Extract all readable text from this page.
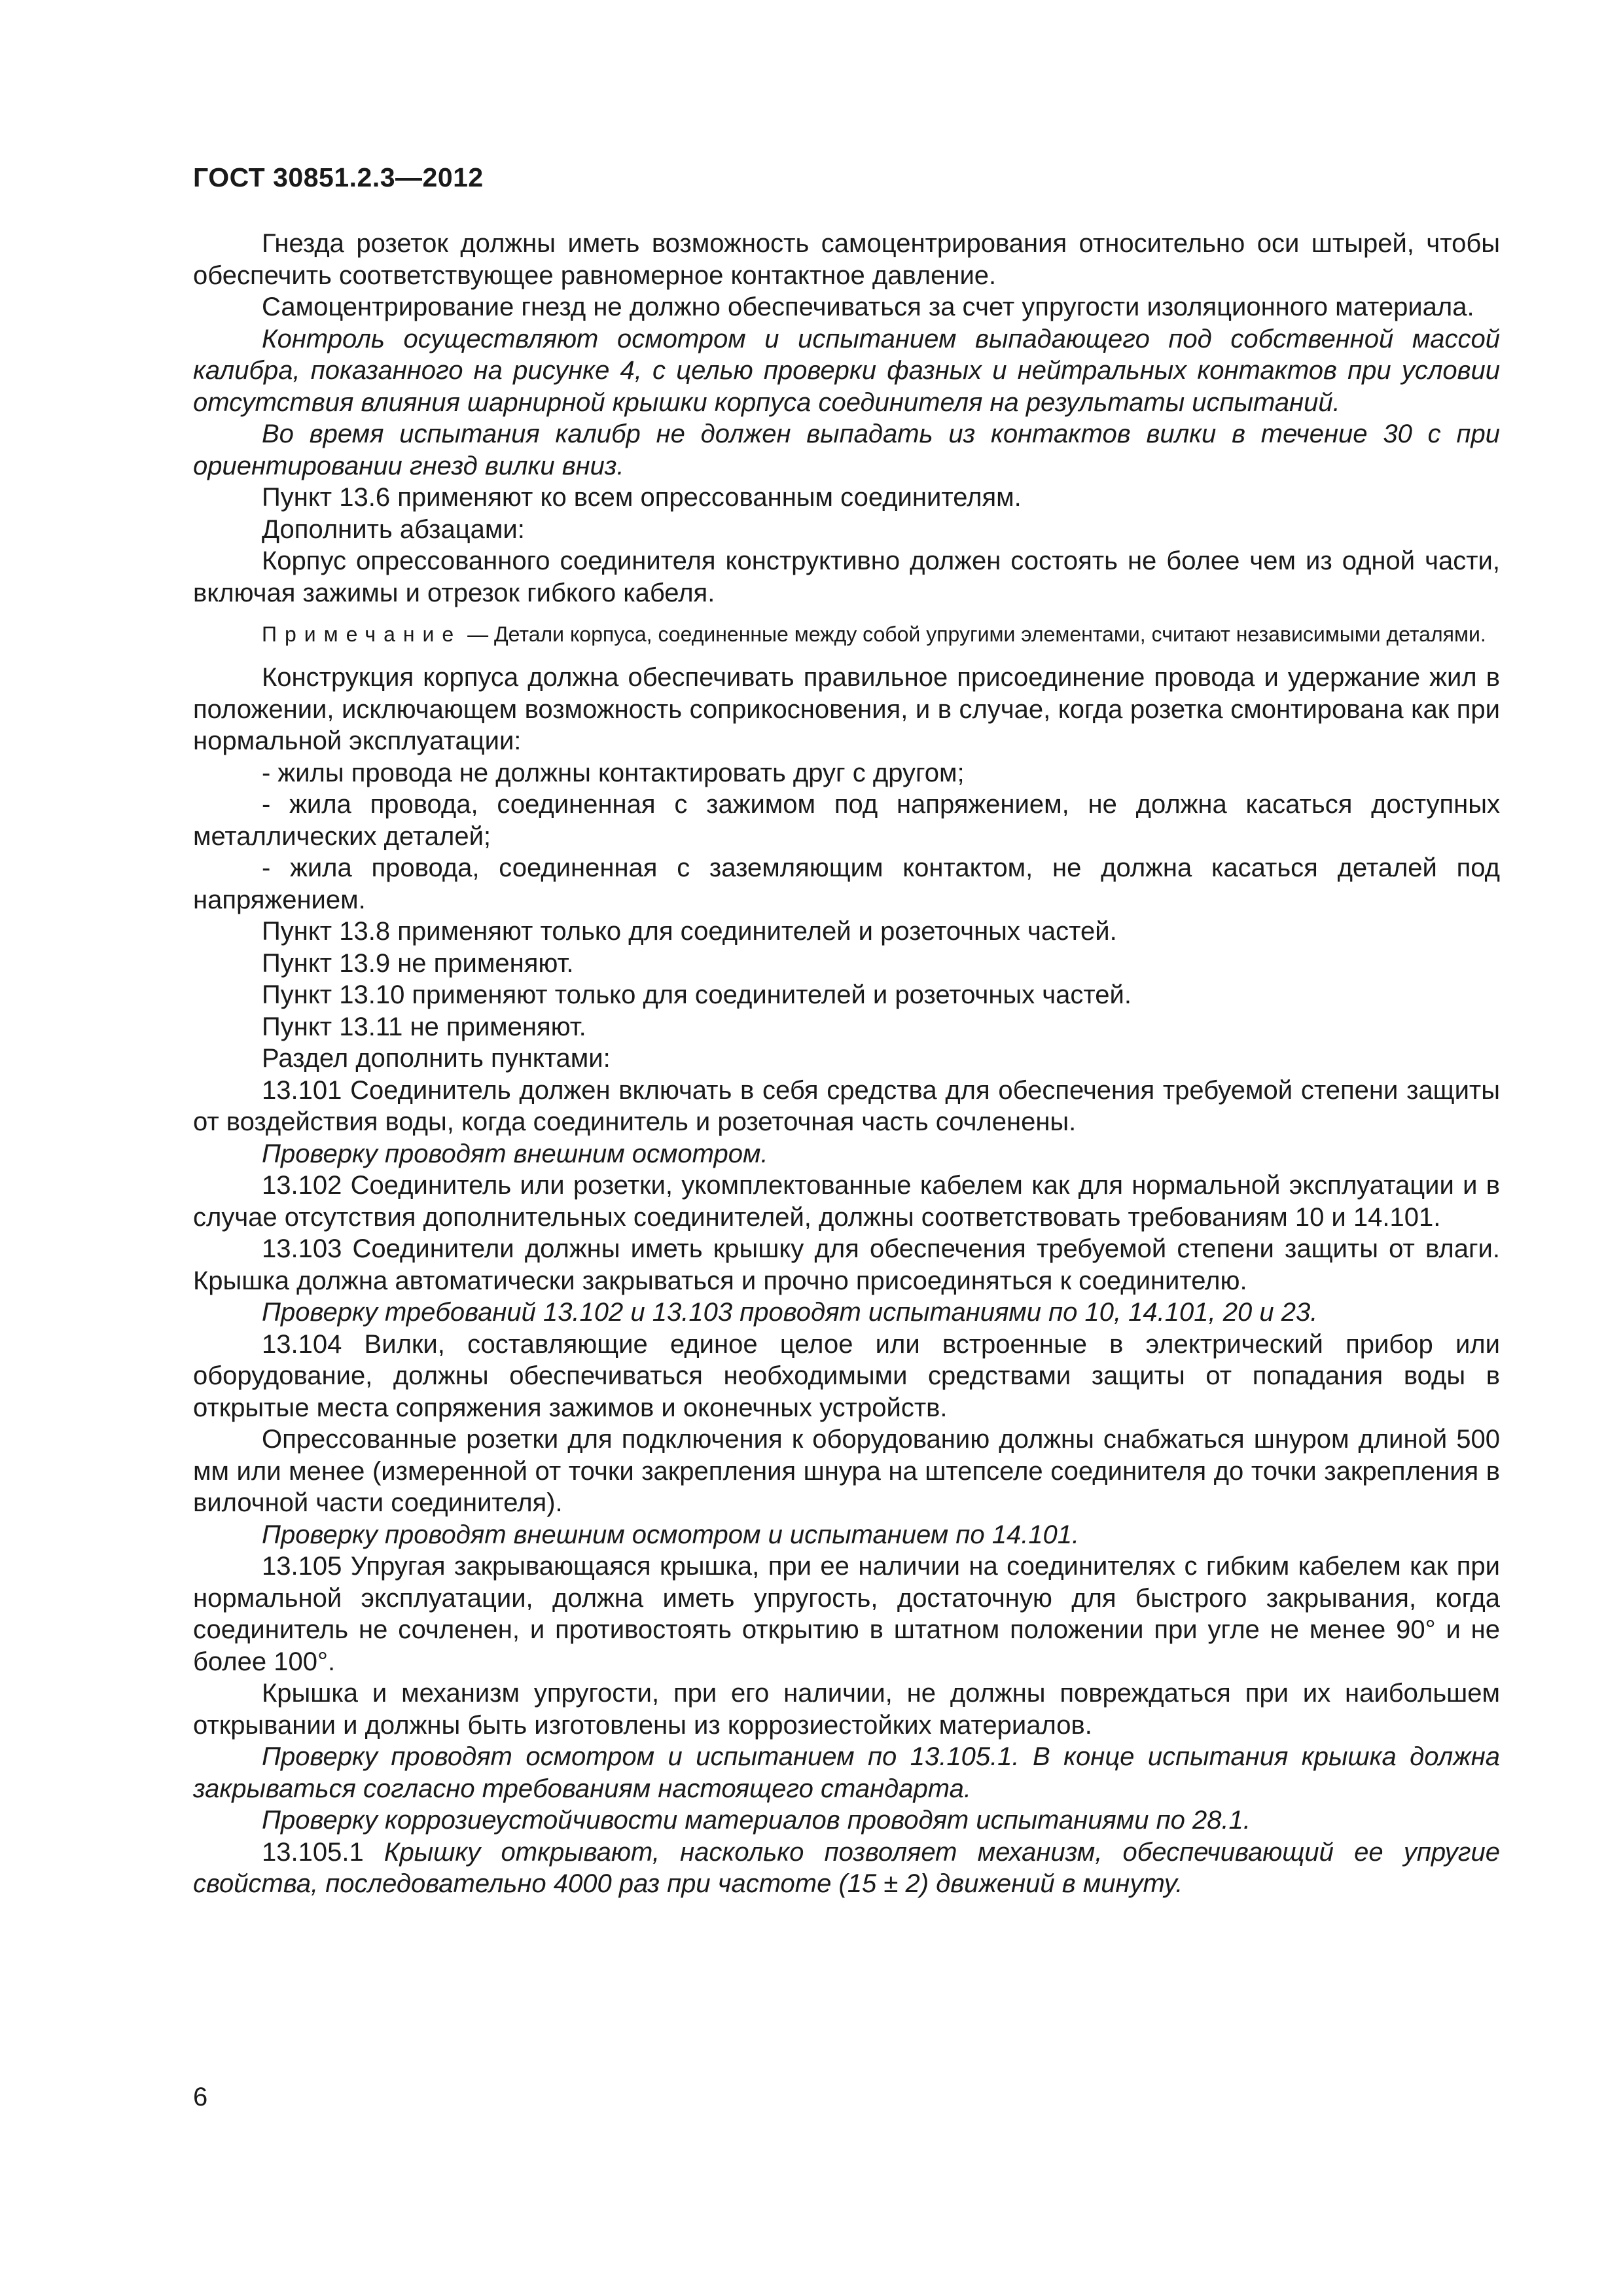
ГОСТ 30851.2.3—2012

Гнезда розеток должны иметь возможность самоцентрирования относительно оси штырей, чтобы обеспечить соответствующее равномерное контактное давление.

Самоцентрирование гнезд не должно обеспечиваться за счет упругости изоляционного материала.

Контроль осуществляют осмотром и испытанием выпадающего под собственной массой калибра, показанного на рисунке 4, с целью проверки фазных и нейтральных контактов при условии отсутствия влияния шарнирной крышки корпуса соединителя на результаты испытаний.

Во время испытания калибр не должен выпадать из контактов вилки в течение 30 с при ориентировании гнезд вилки вниз.

Пункт 13.6 применяют ко всем опрессованным соединителям.

Дополнить абзацами:

Корпус опрессованного соединителя конструктивно должен состоять не более чем из одной части, включая зажимы и отрезок гибкого кабеля.

Примечание — Детали корпуса, соединенные между собой упругими элементами, считают независимыми деталями.

Конструкция корпуса должна обеспечивать правильное присоединение провода и удержание жил в положении, исключающем возможность соприкосновения, и в случае, когда розетка смонтирована как при нормальной эксплуатации:

- жилы провода не должны контактировать друг с другом;

- жила провода, соединенная с зажимом под напряжением, не должна касаться доступных металлических деталей;

- жила провода, соединенная с заземляющим контактом, не должна касаться деталей под напряжением.

Пункт 13.8 применяют только для соединителей и розеточных частей.

Пункт 13.9 не применяют.

Пункт 13.10 применяют только для соединителей и розеточных частей.

Пункт 13.11 не применяют.

Раздел дополнить пунктами:

13.101 Соединитель должен включать в себя средства для обеспечения требуемой степени защиты от воздействия воды, когда соединитель и розеточная часть сочленены.

Проверку проводят внешним осмотром.

13.102 Соединитель или розетки, укомплектованные кабелем как для нормальной эксплуатации и в случае отсутствия дополнительных соединителей, должны соответствовать требованиям 10 и 14.101.

13.103 Соединители должны иметь крышку для обеспечения требуемой степени защиты от влаги. Крышка должна автоматически закрываться и прочно присоединяться к соединителю.

Проверку требований 13.102 и 13.103 проводят испытаниями по 10, 14.101, 20 и 23.

13.104 Вилки, составляющие единое целое или встроенные в электрический прибор или оборудование, должны обеспечиваться необходимыми средствами защиты от попадания воды в открытые места сопряжения зажимов и оконечных устройств.

Опрессованные розетки для подключения к оборудованию должны снабжаться шнуром длиной 500 мм или менее (измеренной от точки закрепления шнура на штепселе соединителя до точки закрепления в вилочной части соединителя).

Проверку проводят внешним осмотром и испытанием по 14.101.

13.105 Упругая закрывающаяся крышка, при ее наличии на соединителях с гибким кабелем как при нормальной эксплуатации, должна иметь упругость, достаточную для быстрого закрывания, когда соединитель не сочленен, и противостоять открытию в штатном положении при угле не менее 90° и не более 100°.

Крышка и механизм упругости, при его наличии, не должны повреждаться при их наибольшем открывании и должны быть изготовлены из коррозиестойких материалов.

Проверку проводят осмотром и испытанием по 13.105.1. В конце испытания крышка должна закрываться согласно требованиям настоящего стандарта.

Проверку коррозиеустойчивости материалов проводят испытаниями по 28.1.

13.105.1 Крышку открывают, насколько позволяет механизм, обеспечивающий ее упругие свойства, последовательно 4000 раз при частоте (15 ± 2) движений в минуту.

6
